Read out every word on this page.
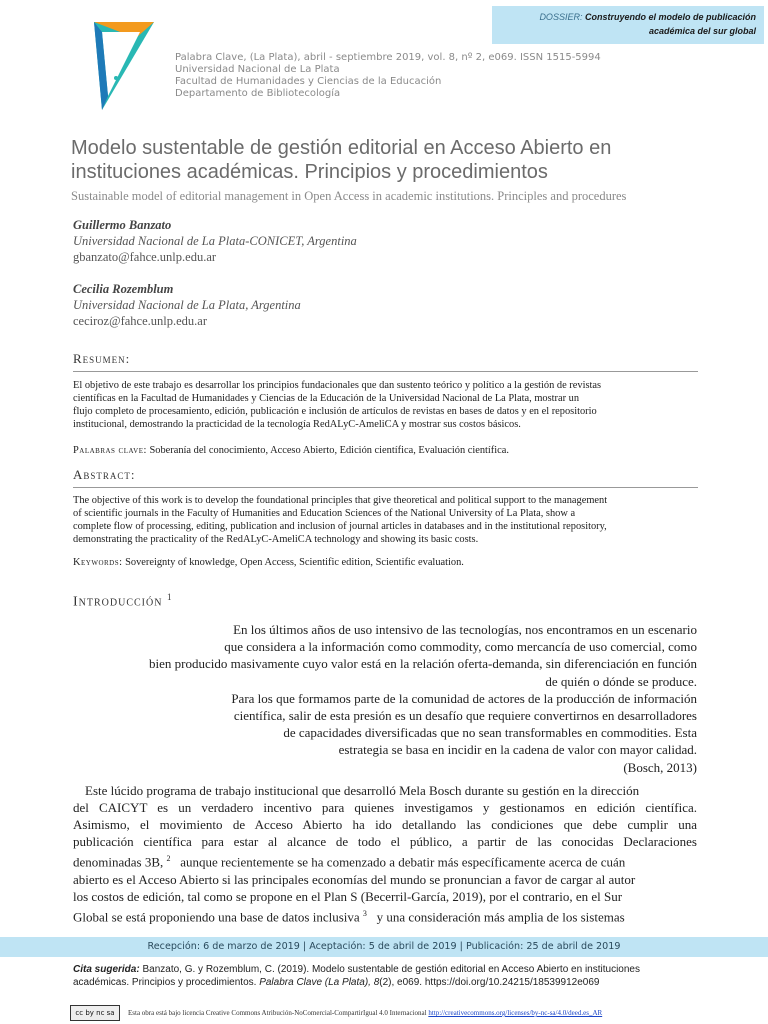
DOSSIER: Construyendo el modelo de publicación
académica del sur global
Palabra Clave, (La Plata), abril - septiembre 2019, vol. 8, nº 2, e069. ISSN 1515-5994
Universidad Nacional de La Plata
Facultad de Humanidades y Ciencias de la Educación
Departamento de Bibliotecología
Modelo sustentable de gestión editorial en Acceso Abierto en
instituciones académicas. Principios y procedimientos
Sustainable model of editorial management in Open Access in academic institutions. Principles and procedures
Guillermo Banzato
Universidad Nacional de La Plata-CONICET, Argentina
gbanzato@fahce.unlp.edu.ar
Cecilia Rozemblum
Universidad Nacional de La Plata, Argentina
ceciroz@fahce.unlp.edu.ar
Resumen:
El objetivo de este trabajo es desarrollar los principios fundacionales que dan sustento teórico y político a la gestión de revistas
científicas en la Facultad de Humanidades y Ciencias de la Educación de la Universidad Nacional de La Plata, mostrar un
flujo completo de procesamiento, edición, publicación e inclusión de artículos de revistas en bases de datos y en el repositorio
institucional, demostrando la practicidad de la tecnología RedALyC-AmeliCA y mostrar sus costos básicos.
Palabras clave: Soberanía del conocimiento, Acceso Abierto, Edición científica, Evaluación científica.
Abstract:
The objective of this work is to develop the foundational principles that give theoretical and political support to the management
of scientific journals in the Faculty of Humanities and Education Sciences of the National University of La Plata, show a
complete flow of processing, editing, publication and inclusion of journal articles in databases and in the institutional repository,
demonstrating the practicality of the RedALyC-AmeliCA technology and showing its basic costs.
Keywords: Sovereignty of knowledge, Open Access, Scientific edition, Scientific evaluation.
Introducción $^1$

En los últimos años de uso intensivo de las tecnologías, nos encontramos en un escenario

que considera a la información como commodity, como mercancía de uso comercial, como

bien producido masivamente cuyo valor está en la relación oferta-demanda, sin diferenciación en función

de quién o dónde se produce.

Para los que formamos parte de la comunidad de actores de la producción de información

científica, salir de esta presión es un desafío que requiere convertirnos en desarrolladores

de capacidades diversificadas que no sean transformables en commodities. Esta

estrategia se basa en incidir en la cadena de valor con mayor calidad.

(Bosch, 2013)

Este lúcido programa de trabajo institucional que desarrolló Mela Bosch durante su gestión en la dirección
del CAICYT es un verdadero incentivo para quienes investigamos y gestionamos en edición científica.
Asimismo, el movimiento de Acceso Abierto ha ido detallando las condiciones que debe cumplir una
publicación científica para estar al alcance de todo el público, a partir de las conocidas Declaraciones
denominadas 3B, $^2$ aunque recientemente se ha comenzado a debatir más específicamente acerca de cuán
abierto es el Acceso Abierto si las principales economías del mundo se pronuncian a favor de cargar al autor
los costos de edición, tal como se propone en el Plan S (Becerril-García, 2019), por el contrario, en el Sur
Global se está proponiendo una base de datos inclusiva $^3$ y una consideración más amplia de los sistemas
Recepción: 6 de marzo de 2019 | Aceptación: 5 de abril de 2019 | Publicación: 25 de abril de 2019
Cita sugerida: Banzato, G. y Rozemblum, C. (2019). Modelo sustentable de gestión editorial en Acceso Abierto en instituciones
académicas. Principios y procedimientos. Palabra Clave (La Plata), 8(2), e069. https://doi.org/10.24215/18539912e069
cc by nc sa	Esta obra está bajo licencia Creative Commons Atribución-NoComercial-CompartirIgual 4.0 Internacional http://creativecommons.org/licenses/by-nc-sa/4.0/deed.es_AR
